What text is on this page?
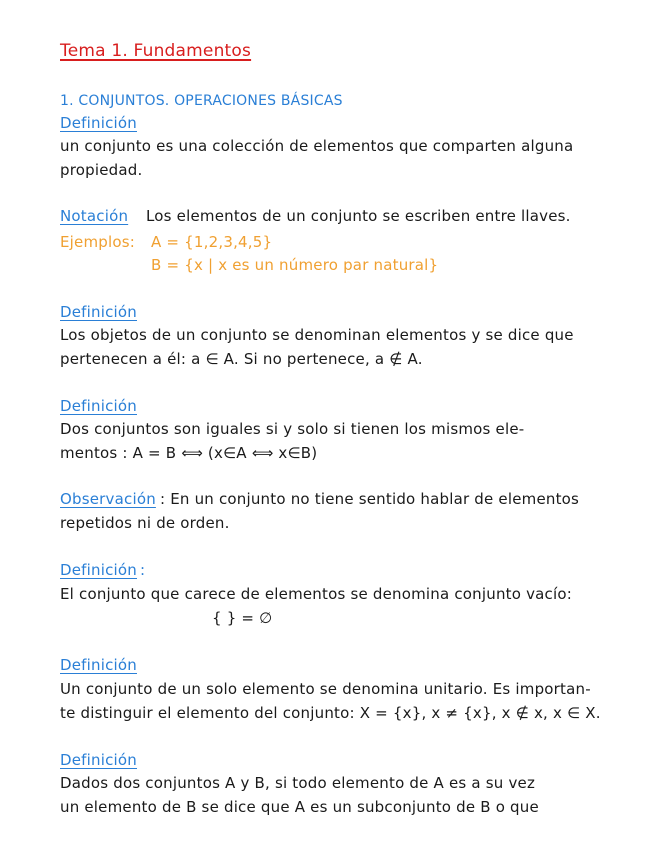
Tema 1. Fundamentos
1. CONJUNTOS. OPERACIONES BÁSICAS
Definición
un conjunto es una colección de elementos que comparten alguna
propiedad.
Notación Los elementos de un conjunto se escriben entre llaves.
Ejemplos: A = {1,2,3,4,5}
B = {x | x es un número par natural}
Definición
Los objetos de un conjunto se denominan elementos y se dice que
pertenecen a él: a ∈ A. Si no pertenece, a ∉ A.
Definición
Dos conjuntos son iguales si y solo si tienen los mismos ele-
mentos : A = B ⟺ (x∈A ⟺ x∈B)
Observación : En un conjunto no tiene sentido hablar de elementos
repetidos ni de orden.
Definición :
El conjunto que carece de elementos se denomina conjunto vacío:
{ } = ∅
Definición
Un conjunto de un solo elemento se denomina unitario. Es importan-
te distinguir el elemento del conjunto: X = {x}, x ≠ {x}, x ∉ x, x ∈ X.
Definición
Dados dos conjuntos A y B, si todo elemento de A es a su vez
un elemento de B se dice que A es un subconjunto de B o que
